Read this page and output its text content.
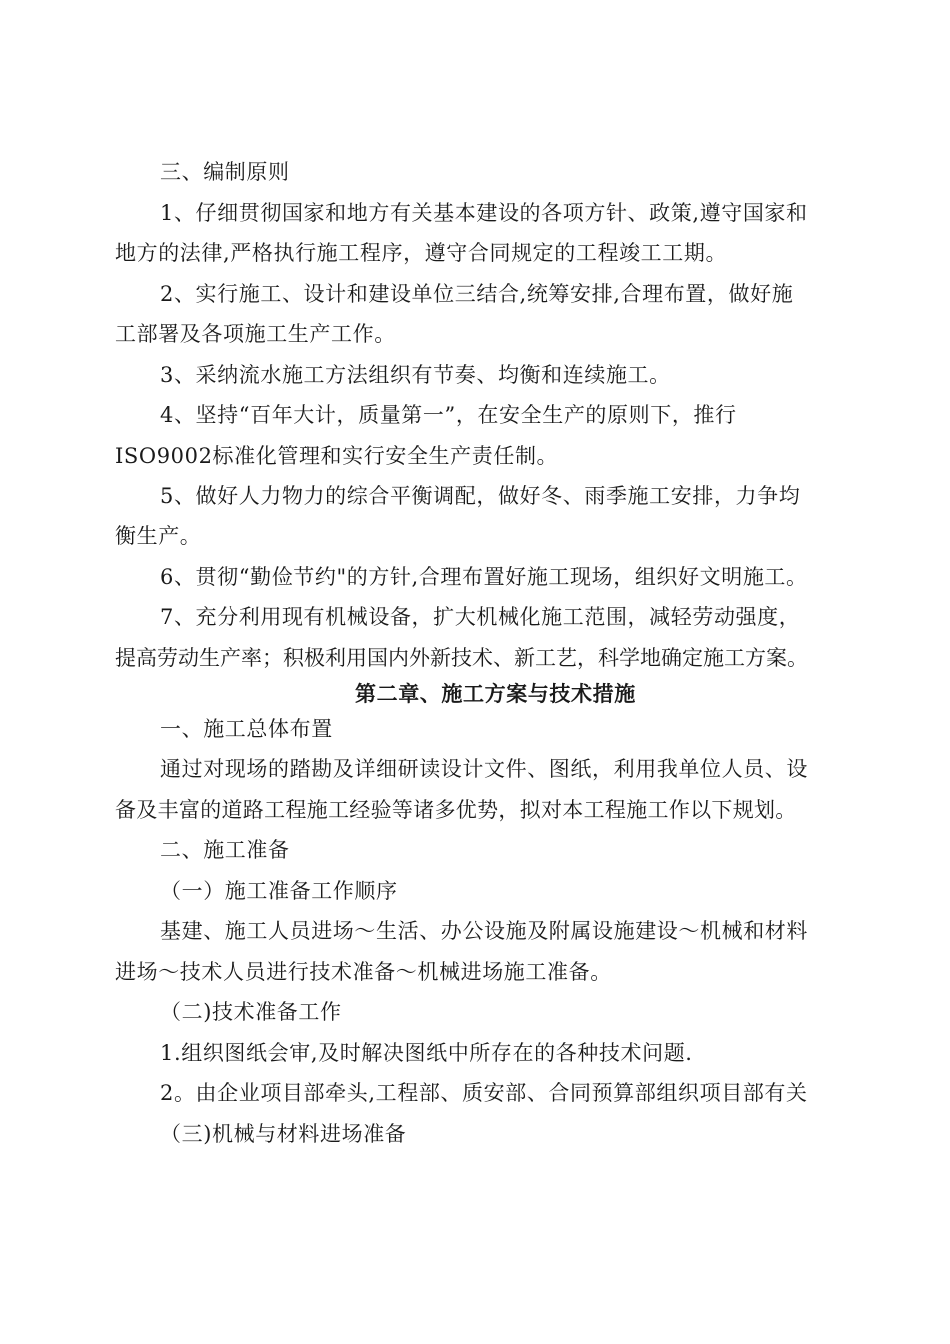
三、编制原则
1、仔细贯彻国家和地方有关基本建设的各项方针、政策,遵守国家和
地方的法律,严格执行施工程序，遵守合同规定的工程竣工工期。
2、实行施工、设计和建设单位三结合,统筹安排,合理布置，做好施
工部署及各项施工生产工作。
3、采纳流水施工方法组织有节奏、均衡和连续施工。
4、坚持“百年大计，质量第一”，在安全生产的原则下，推行
ISO9002标准化管理和实行安全生产责任制。
5、做好人力物力的综合平衡调配，做好冬、雨季施工安排，力争均
衡生产。
6、贯彻“勤俭节约"的方针,合理布置好施工现场，组织好文明施工。
7、充分利用现有机械设备，扩大机械化施工范围，减轻劳动强度，
提高劳动生产率；积极利用国内外新技术、新工艺，科学地确定施工方案。
第二章、施工方案与技术措施
一、施工总体布置
通过对现场的踏勘及详细研读设计文件、图纸，利用我单位人员、设
备及丰富的道路工程施工经验等诸多优势，拟对本工程施工作以下规划。
二、施工准备
（一）施工准备工作顺序
基建、施工人员进场～生活、办公设施及附属设施建设～机械和材料
进场～技术人员进行技术准备～机械进场施工准备。
（二)技术准备工作
1.组织图纸会审,及时解决图纸中所存在的各种技术问题.
2。由企业项目部牵头,工程部、质安部、合同预算部组织项目部有关
（三)机械与材料进场准备
